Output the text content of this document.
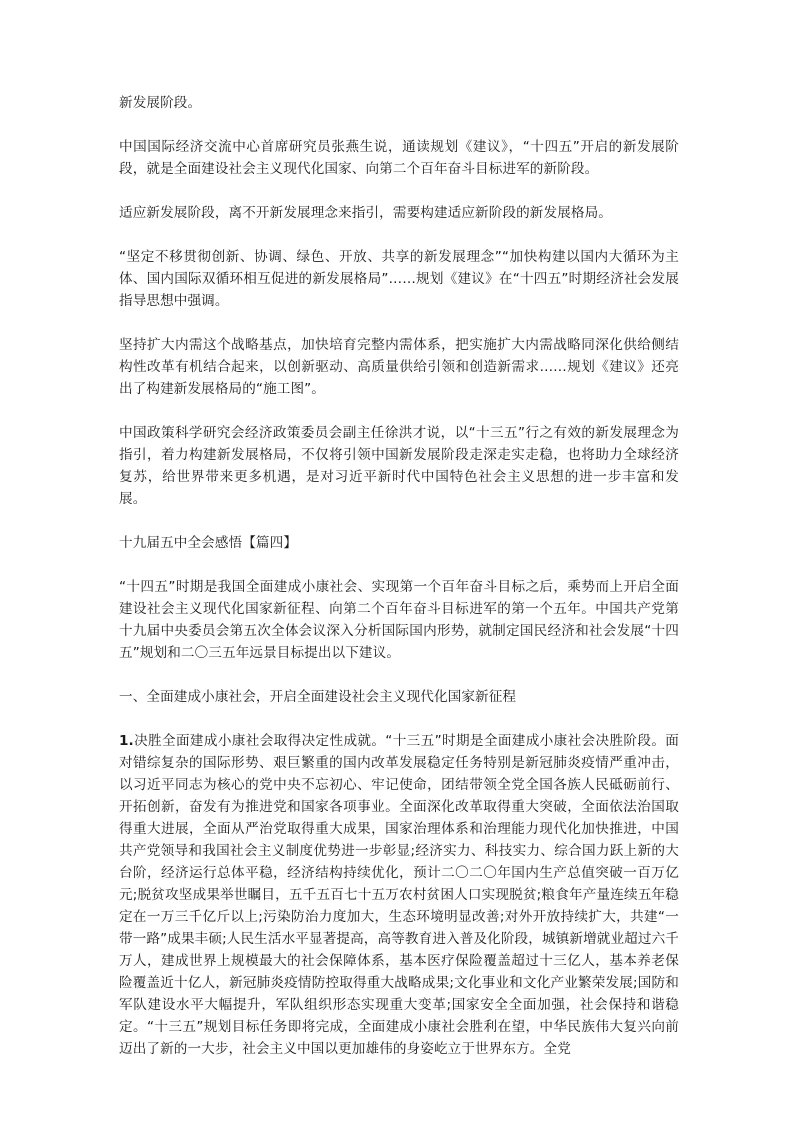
新发展阶段。

中国国际经济交流中心首席研究员张燕生说，通读规划《建议》，“十四五”开启的新发展阶段，就是全面建设社会主义现代化国家、向第二个百年奋斗目标进军的新阶段。

适应新发展阶段，离不开新发展理念来指引，需要构建适应新阶段的新发展格局。

“坚定不移贯彻创新、协调、绿色、开放、共享的新发展理念”“加快构建以国内大循环为主体、国内国际双循环相互促进的新发展格局”……规划《建议》在“十四五”时期经济社会发展指导思想中强调。

坚持扩大内需这个战略基点，加快培育完整内需体系，把实施扩大内需战略同深化供给侧结构性改革有机结合起来，以创新驱动、高质量供给引领和创造新需求……规划《建议》还亮出了构建新发展格局的“施工图”。

中国政策科学研究会经济政策委员会副主任徐洪才说，以“十三五”行之有效的新发展理念为指引，着力构建新发展格局，不仅将引领中国新发展阶段走深走实走稳，也将助力全球经济复苏，给世界带来更多机遇，是对习近平新时代中国特色社会主义思想的进一步丰富和发展。

十九届五中全会感悟【篇四】

“十四五”时期是我国全面建成小康社会、实现第一个百年奋斗目标之后，乘势而上开启全面建设社会主义现代化国家新征程、向第二个百年奋斗目标进军的第一个五年。中国共产党第十九届中央委员会第五次全体会议深入分析国际国内形势，就制定国民经济和社会发展“十四五”规划和二〇三五年远景目标提出以下建议。

一、全面建成小康社会，开启全面建设社会主义现代化国家新征程

1.决胜全面建成小康社会取得决定性成就。“十三五”时期是全面建成小康社会决胜阶段。面对错综复杂的国际形势、艰巨繁重的国内改革发展稳定任务特别是新冠肺炎疫情严重冲击，以习近平同志为核心的党中央不忘初心、牢记使命，团结带领全党全国各族人民砥砺前行、开拓创新，奋发有为推进党和国家各项事业。全面深化改革取得重大突破，全面依法治国取得重大进展，全面从严治党取得重大成果，国家治理体系和治理能力现代化加快推进，中国共产党领导和我国社会主义制度优势进一步彰显;经济实力、科技实力、综合国力跃上新的大台阶，经济运行总体平稳，经济结构持续优化，预计二〇二〇年国内生产总值突破一百万亿元;脱贫攻坚成果举世瞩目，五千五百七十五万农村贫困人口实现脱贫;粮食年产量连续五年稳定在一万三千亿斤以上;污染防治力度加大，生态环境明显改善;对外开放持续扩大，共建“一带一路”成果丰硕;人民生活水平显著提高，高等教育进入普及化阶段，城镇新增就业超过六千万人，建成世界上规模最大的社会保障体系，基本医疗保险覆盖超过十三亿人，基本养老保险覆盖近十亿人，新冠肺炎疫情防控取得重大战略成果;文化事业和文化产业繁荣发展;国防和军队建设水平大幅提升，军队组织形态实现重大变革;国家安全全面加强，社会保持和谐稳定。“十三五”规划目标任务即将完成，全面建成小康社会胜利在望，中华民族伟大复兴向前迈出了新的一大步，社会主义中国以更加雄伟的身姿屹立于世界东方。全党
